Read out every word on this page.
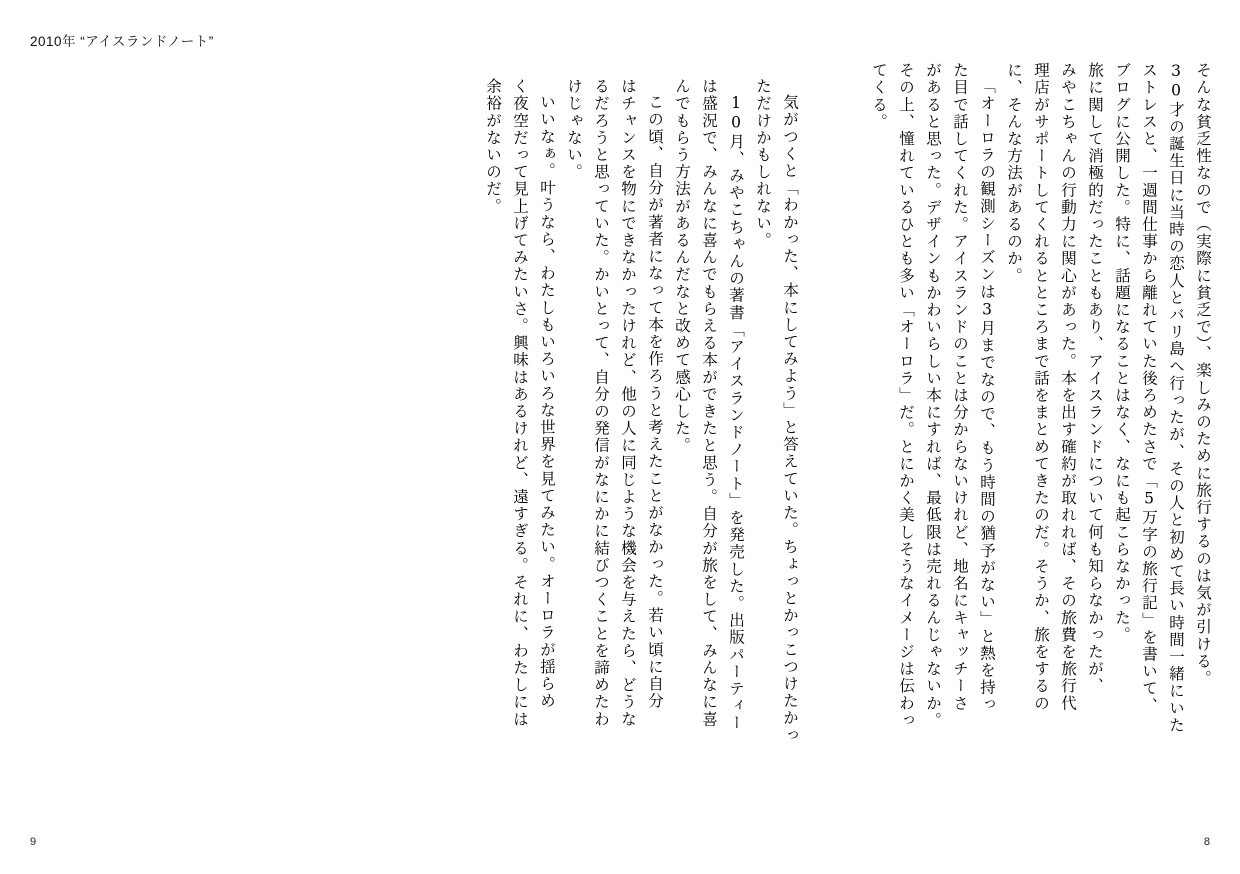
2010年 “アイスランドノート”
そんな貧乏性なので（実際に貧乏で）、楽しみのために旅行するのは気が引ける。
30才の誕生日に当時の恋人とバリ島へ行ったが、その人と初めて長い時間一緒にいた
ストレスと、一週間仕事から離れていた後ろめたさで「5万字の旅行記」を書いて、
ブログに公開した。特に、話題になることはなく、なにも起こらなかった。
旅に関して消極的だったこともあり、アイスランドについて何も知らなかったが、
みやこちゃんの行動力に関心があった。本を出す確約が取れれば、その旅費を旅行代
理店がサポートしてくれるとところまで話をまとめてきたのだ。そうか、旅をするの
に、そんな方法があるのか。
「オーロラの観測シーズンは3月までなので、もう時間の猶予がない」と熱を持っ
た目で話してくれた。アイスランドのことは分からないけれど、地名にキャッチーさ
があると思った。デザインもかわいらしい本にすれば、最低限は売れるんじゃないか。
その上、憧れているひとも多い「オーロラ」だ。とにかく美しそうなイメージは伝わっ
てくる。
気がつくと「わかった、本にしてみよう」と答えていた。ちょっとかっこつけたかっ
ただけかもしれない。
10月、みやこちゃんの著書「アイスランドノート」を発売した。出版パーティー
は盛況で、みんなに喜んでもらえる本ができたと思う。自分が旅をして、みんなに喜
んでもらう方法があるんだなと改めて感心した。
この頃、自分が著者になって本を作ろうと考えたことがなかった。若い頃に自分
はチャンスを物にできなかったけれど、他の人に同じような機会を与えたら、どうな
るだろうと思っていた。かいとって、自分の発信がなにかに結びつくことを諦めたわ
けじゃない。
いいなぁ。叶うなら、わたしもいろいろな世界を見てみたい。オーロラが揺らめ
く夜空だって見上げてみたいさ。興味はあるけれど、遠すぎる。それに、わたしには
余裕がないのだ。
9	8
